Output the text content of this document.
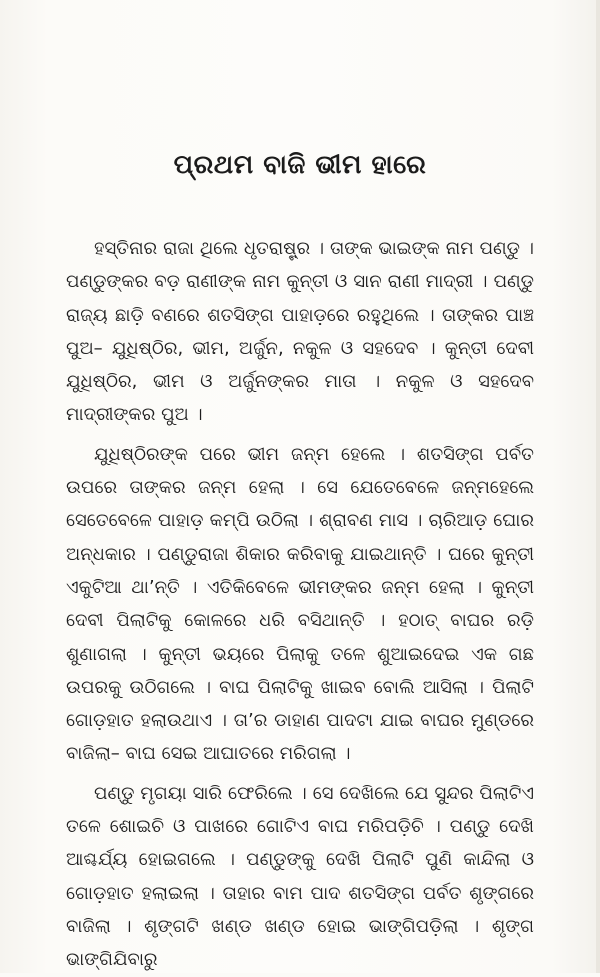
ପ୍ରଥମ ବାଜି ଭୀମ ହାରେ

ହସ୍ତିନାର ରାଜା ଥିଲେ ଧୃତରାଷ୍ଟ୍ର । ତାଙ୍କ ଭାଇଙ୍କ ନାମ ପଣ୍ଡୁ । ପଣ୍ଡୁଙ୍କର ବଡ଼ ରାଣୀଙ୍କ ନାମ କୁନ୍ତୀ ଓ ସାନ ରାଣୀ ମାଦ୍ରୀ । ପଣ୍ଡୁ ରାଜ୍ୟ ଛାଡ଼ି ବଣରେ ଶତସିଙ୍ଗ ପାହାଡ଼ରେ ରହୁଥିଲେ । ତାଙ୍କର ପାଞ୍ଚ ପୁଅ– ଯୁଧିଷ୍ଠିର, ଭୀମ, ଅର୍ଜୁନ, ନକୁଳ ଓ ସହଦେବ । କୁନ୍ତୀ ଦେବୀ ଯୁଧିଷ୍ଠିର, ଭୀମ ଓ ଅର୍ଜୁନଙ୍କର ମାତା । ନକୁଳ ଓ ସହଦେବ ମାଦ୍ରୀଙ୍କର ପୁଅ ।

ଯୁଧିଷ୍ଠିରଙ୍କ ପରେ ଭୀମ ଜନ୍ମ ହେଲେ । ଶତସିଙ୍ଗ ପର୍ବତ ଉପରେ ତାଙ୍କର ଜନ୍ମ ହେଲା । ସେ ଯେତେବେଳେ ଜନ୍ମହେଲେ ସେତେବେଳେ ପାହାଡ଼ କମ୍ପି ଉଠିଲା । ଶ୍ରାବଣ ମାସ । ଚାରିଆଡ଼ ଘୋର ଅନ୍ଧକାର । ପଣ୍ଡୁରାଜା ଶିକାର କରିବାକୁ ଯାଇଥାନ୍ତି । ଘରେ କୁନ୍ତୀ ଏକୁଟିଆ ଥା’ନ୍ତି । ଏତିକିବେଳେ ଭୀମଙ୍କର ଜନ୍ମ ହେଲା । କୁନ୍ତୀ ଦେବୀ ପିଲାଟିକୁ କୋଳରେ ଧରି ବସିଥାନ୍ତି । ହଠାତ୍ ବାଘର ରଡ଼ି ଶୁଣାଗଲା । କୁନ୍ତୀ ଭୟରେ ପିଲାକୁ ତଳେ ଶୁଆଇଦେଇ ଏକ ଗଛ ଉପରକୁ ଉଠିଗଲେ । ବାଘ ପିଲାଟିକୁ ଖାଇବ ବୋଲି ଆସିଲା । ପିଲାଟି ଗୋଡ଼ହାତ ହଲାଉଥାଏ । ତା’ର ଡାହାଣ ପାଦଟା ଯାଇ ବାଘର ମୁଣ୍ଡରେ ବାଜିଲା– ବାଘ ସେଇ ଆଘାତରେ ମରିଗଲା ।

ପଣ୍ଡୁ ମୃଗୟା ସାରି ଫେରିଲେ । ସେ ଦେଖିଲେ ଯେ ସୁନ୍ଦର ପିଲାଟିଏ ତଳେ ଶୋଇଚି ଓ ପାଖରେ ଗୋଟିଏ ବାଘ ମରିପଡ଼ିଚି । ପଣ୍ଡୁ ଦେଖି ଆଶ୍ଚର୍ଯ୍ୟ ହୋଇଗଲେ । ପଣ୍ଡୁଙ୍କୁ ଦେଖି ପିଲାଟି ପୁଣି କାନ୍ଦିଲା ଓ ଗୋଡ଼ହାତ ହଲାଇଲା । ତାହାର ବାମ ପାଦ ଶତସିଙ୍ଗ ପର୍ବତ ଶୃଙ୍ଗରେ ବାଜିଲା । ଶୃଙ୍ଗଟି ଖଣ୍ଡ ଖଣ୍ଡ ହୋଇ ଭାଙ୍ଗିପଡ଼ିଲା । ଶୃଙ୍ଗ ଭାଙ୍ଗିଯିବାରୁ
